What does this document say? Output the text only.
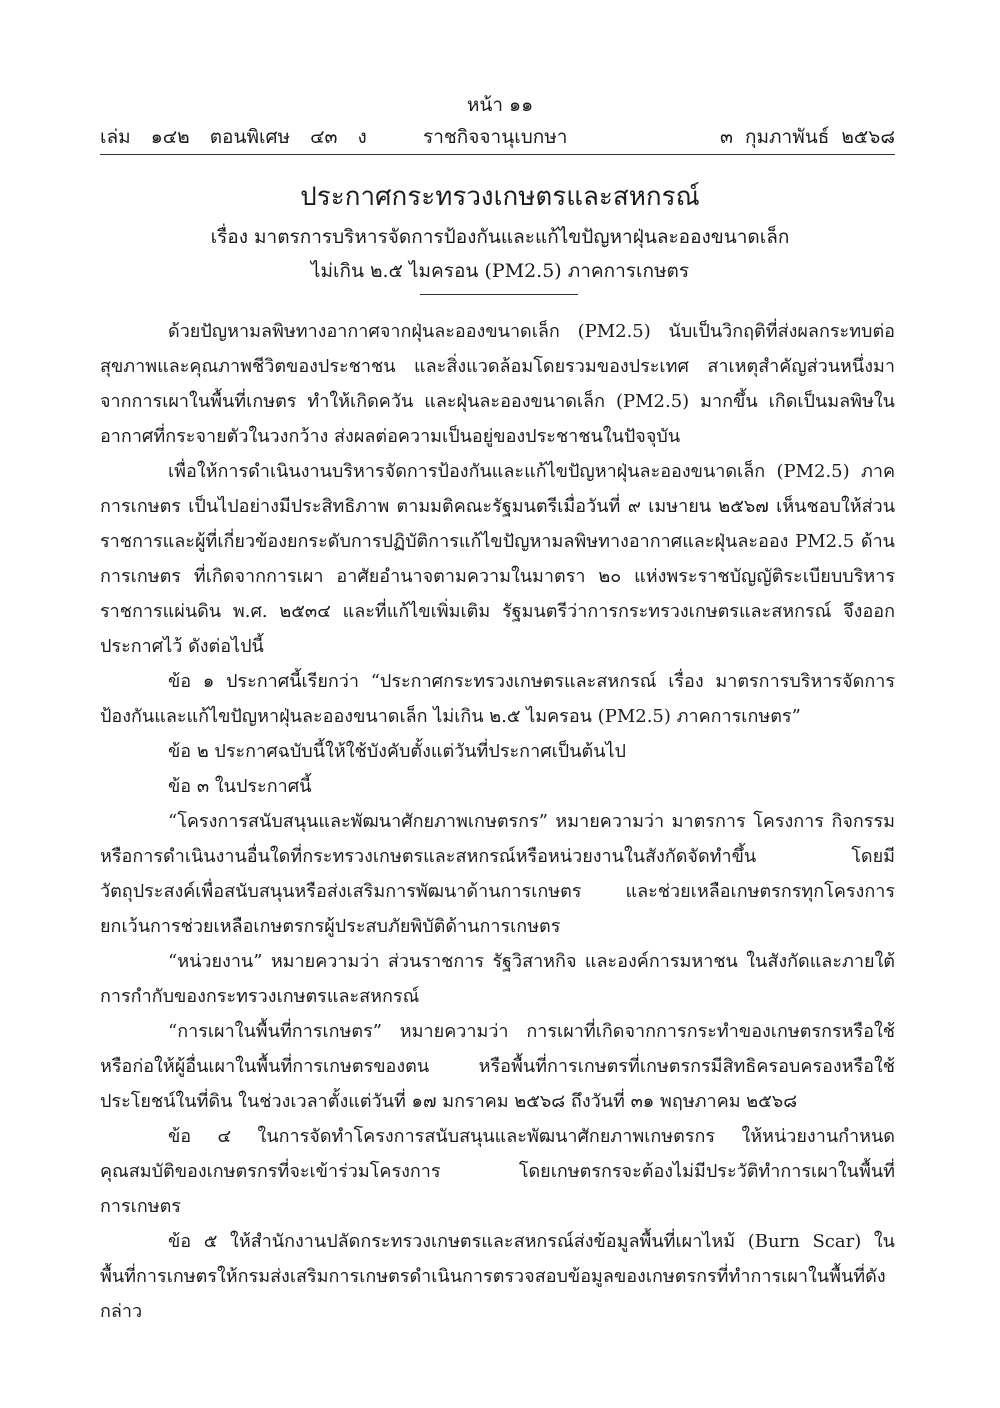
หน้า ๑๑
เล่ม ๑๔๒ ตอนพิเศษ ๔๓ ง	ราชกิจจานุเบกษา	๓ กุมภาพันธ์ ๒๕๖๘
ประกาศกระทรวงเกษตรและสหกรณ์
เรื่อง มาตรการบริหารจัดการป้องกันและแก้ไขปัญหาฝุ่นละอองขนาดเล็ก
ไม่เกิน ๒.๕ ไมครอน (PM2.5) ภาคการเกษตร

ด้วยปัญหามลพิษทางอากาศจากฝุ่นละอองขนาดเล็ก (PM2.5) นับเป็นวิกฤติที่ส่งผลกระทบต่อสุขภาพและคุณภาพชีวิตของประชาชน และสิ่งแวดล้อมโดยรวมของประเทศ สาเหตุสำคัญส่วนหนึ่งมาจากการเผาในพื้นที่เกษตร ทำให้เกิดควัน และฝุ่นละอองขนาดเล็ก (PM2.5) มากขึ้น เกิดเป็นมลพิษในอากาศที่กระจายตัวในวงกว้าง ส่งผลต่อความเป็นอยู่ของประชาชนในปัจจุบัน

เพื่อให้การดำเนินงานบริหารจัดการป้องกันและแก้ไขปัญหาฝุ่นละอองขนาดเล็ก (PM2.5) ภาคการเกษตร เป็นไปอย่างมีประสิทธิภาพ ตามมติคณะรัฐมนตรีเมื่อวันที่ ๙ เมษายน ๒๕๖๗ เห็นชอบให้ส่วนราชการและผู้ที่เกี่ยวข้องยกระดับการปฏิบัติการแก้ไขปัญหามลพิษทางอากาศและฝุ่นละออง PM2.5 ด้านการเกษตร ที่เกิดจากการเผา อาศัยอำนาจตามความในมาตรา ๒๐ แห่งพระราชบัญญัติระเบียบบริหารราชการแผ่นดิน พ.ศ. ๒๕๓๔ และที่แก้ไขเพิ่มเติม รัฐมนตรีว่าการกระทรวงเกษตรและสหกรณ์ จึงออกประกาศไว้ ดังต่อไปนี้

ข้อ ๑ ประกาศนี้เรียกว่า “ประกาศกระทรวงเกษตรและสหกรณ์ เรื่อง มาตรการบริหารจัดการป้องกันและแก้ไขปัญหาฝุ่นละอองขนาดเล็ก ไม่เกิน ๒.๕ ไมครอน (PM2.5) ภาคการเกษตร”

ข้อ ๒ ประกาศฉบับนี้ให้ใช้บังคับตั้งแต่วันที่ประกาศเป็นต้นไป

ข้อ ๓ ในประกาศนี้

“โครงการสนับสนุนและพัฒนาศักยภาพเกษตรกร” หมายความว่า มาตรการ โครงการ กิจกรรม หรือการดำเนินงานอื่นใดที่กระทรวงเกษตรและสหกรณ์หรือหน่วยงานในสังกัดจัดทำขึ้น โดยมีวัตถุประสงค์เพื่อสนับสนุนหรือส่งเสริมการพัฒนาด้านการเกษตร และช่วยเหลือเกษตรกรทุกโครงการ ยกเว้นการช่วยเหลือเกษตรกรผู้ประสบภัยพิบัติด้านการเกษตร

“หน่วยงาน” หมายความว่า ส่วนราชการ รัฐวิสาหกิจ และองค์การมหาชน ในสังกัดและภายใต้การกำกับของกระทรวงเกษตรและสหกรณ์

“การเผาในพื้นที่การเกษตร” หมายความว่า การเผาที่เกิดจากการกระทำของเกษตรกรหรือใช้หรือก่อให้ผู้อื่นเผาในพื้นที่การเกษตรของตน หรือพื้นที่การเกษตรที่เกษตรกรมีสิทธิครอบครองหรือใช้ประโยชน์ในที่ดิน ในช่วงเวลาตั้งแต่วันที่ ๑๗ มกราคม ๒๕๖๘ ถึงวันที่ ๓๑ พฤษภาคม ๒๕๖๘

ข้อ ๔ ในการจัดทำโครงการสนับสนุนและพัฒนาศักยภาพเกษตรกร ให้หน่วยงานกำหนดคุณสมบัติของเกษตรกรที่จะเข้าร่วมโครงการ โดยเกษตรกรจะต้องไม่มีประวัติทำการเผาในพื้นที่การเกษตร

ข้อ ๕ ให้สำนักงานปลัดกระทรวงเกษตรและสหกรณ์ส่งข้อมูลพื้นที่เผาไหม้ (Burn Scar) ในพื้นที่การเกษตรให้กรมส่งเสริมการเกษตรดำเนินการตรวจสอบข้อมูลของเกษตรกรที่ทำการเผาในพื้นที่ดังกล่าว
